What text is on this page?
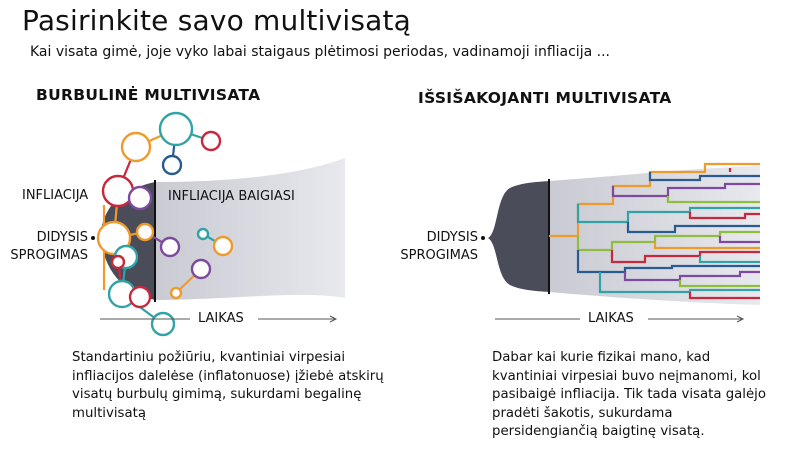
Pasirinkite savo multivisatą
Kai visata gimė, joje vyko labai staigaus plėtimosi periodas, vadinamoji infliacija ...
BURBULINĖ MULTIVISATA	IŠSIŠAKOJANTI MULTIVISATA
INFLIACIJA	INFLIACIJA BAIGIASI
DIDYSIS
SPROGIMAS
LAIKAS
DIDYSIS
SPROGIMAS
LAIKAS
Standartiniu požiūriu, kvantiniai virpesiai infliacijos dalelėse (inflatonuose) įžiebė atskirų visatų burbulų gimimą, sukurdami begalinę multivisatą
Dabar kai kurie fizikai mano, kad kvantiniai virpesiai buvo neįmanomi, kol pasibaigė infliacija. Tik tada visata galėjo pradėti šakotis, sukurdama persidengiančią baigtinę visatą.
